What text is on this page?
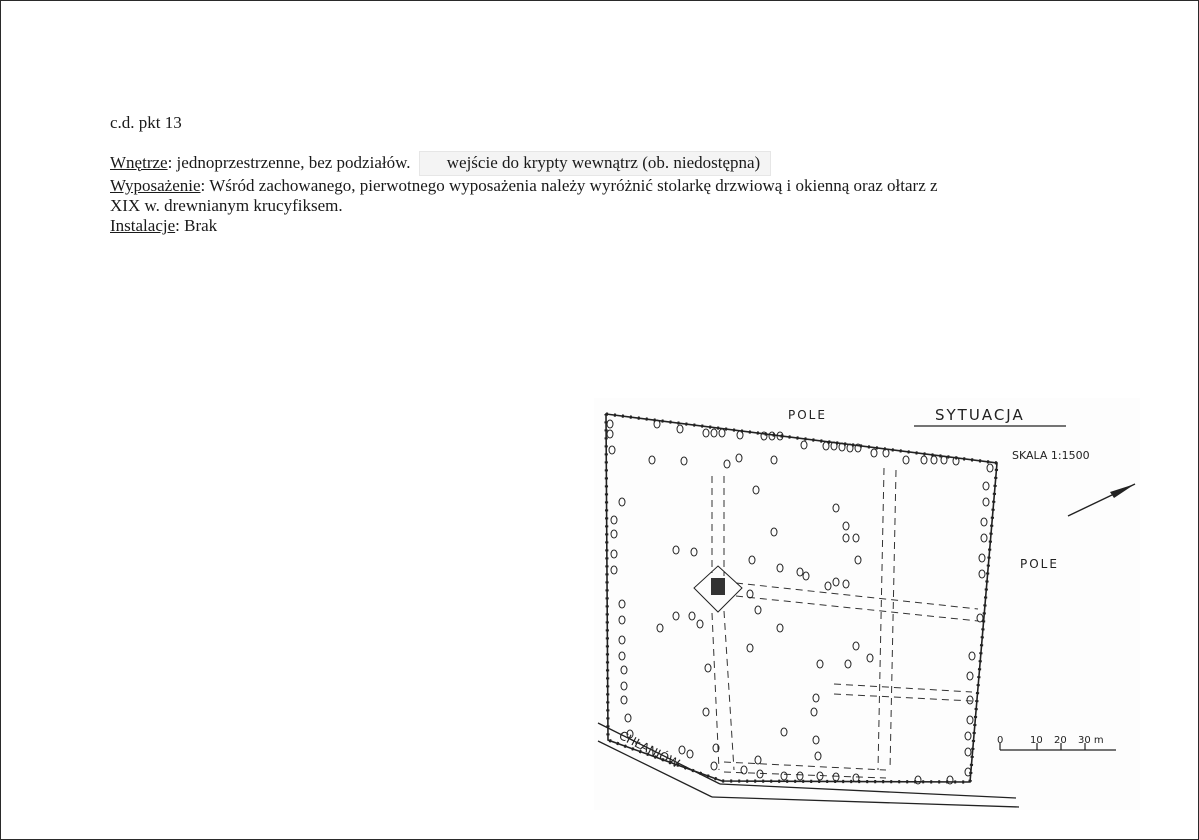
c.d. pkt 13
Wnętrze: jednoprzestrzenne, bez podziałów. wejście do krypty wewnątrz (ob. niedostępna)
Wyposażenie: Wśród zachowanego, pierwotnego wyposażenia należy wyróżnić stolarkę drzwiową i okienną oraz ołtarz z
XIX w. drewnianym krucyfiksem.
Instalacje: Brak
CHŁANIÓW
POLE	SYTUACJA
SKALA 1:1500
POLE
0	10 20 30 m
